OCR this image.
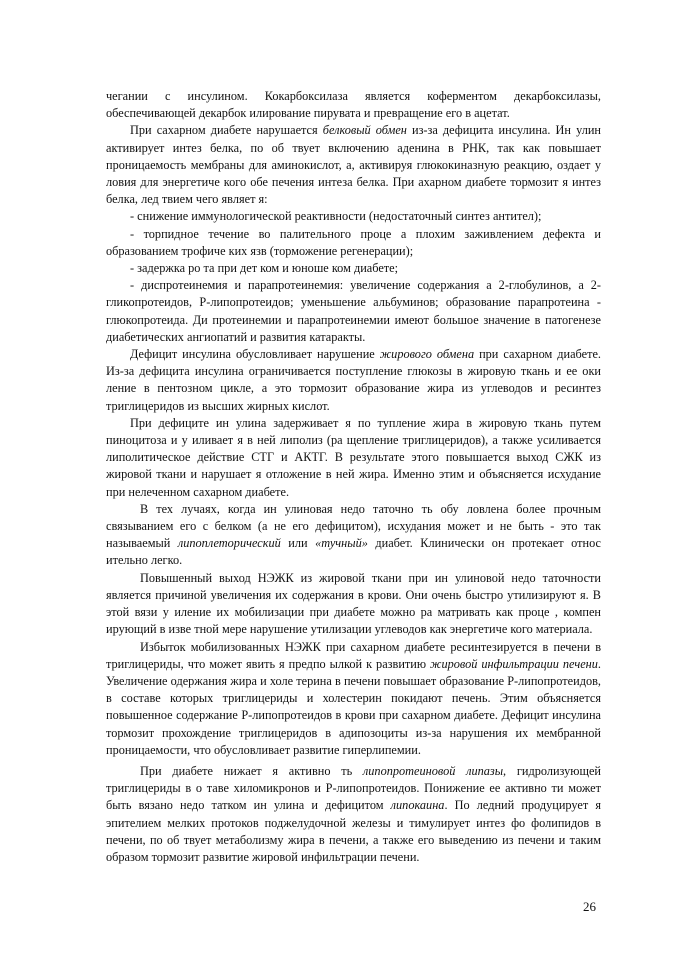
чегании с инсулином. Кокарбоксилаза является коферментом декарбоксилазы, обеспечивающей декарбок илирование пирувата и превращение его в ацетат.

При сахарном диабете нарушается белковый обмен из-за дефицита инсулина. Ин улин активирует интез белка, по об твует включению аденина в РНК, так как повышает проницаемость мембраны для аминокислот, а, активируя глюкокиназную реакцию, оздает у ловия для энергетиче кого обе печения интеза белка. При ахарном диабете тормозит я интез белка, лед твием чего являет я:

- снижение иммунологической реактивности (недостаточный синтез антител);

- торпидное течение во палительного проце а плохим заживлением дефекта и образованием трофиче ких язв (торможение регенерации);

- задержка ро та при дет ком и юноше ком диабете;

- диспротеинемия и парапротеинемия: увеличение содержания а 2-глобулинов, а 2-гликопротеидов, Р-липопротеидов; уменьшение альбуминов; образование парапротеина - глюкопротеида. Ди протеинемии и парапротеинемии имеют большое значение в патогенезе диабетических ангиопатий и развития катаракты.

Дефицит инсулина обусловливает нарушение жирового обмена при сахарном диабете. Из-за дефицита инсулина ограничивается поступление глюкозы в жировую ткань и ее оки ление в пентозном цикле, а это тормозит образование жира из углеводов и ресинтез триглицеридов из высших жирных кислот.

При дефиците ин улина задерживает я по тупление жира в жировую ткань путем пиноцитоза и у иливает я в ней липолиз (ра щепление триглицеридов), а также усиливается липолитическое действие СТГ и АКТГ. В результате этого повышается выход СЖК из жировой ткани и нарушает я отложение в ней жира. Именно этим и объясняется исхудание при нелеченном сахарном диабете.

В тех лучаях, когда ин улиновая недо таточно ть обу ловлена более прочным связыванием его с белком (а не его дефицитом), исхудания может и не быть - это так называемый липоплеторический или «тучный» диабет. Клинически он протекает относ ительно легко.

Повышенный выход НЭЖК из жировой ткани при ин улиновой недо таточности является причиной увеличения их содержания в крови. Они очень быстро утилизируют я. В этой вязи у иление их мобилизации при диабете можно ра матривать как проце , компен ирующий в изве тной мере нарушение утилизации углеводов как энергетиче кого материала.

Избыток мобилизованных НЭЖК при сахарном диабете ресинтезируется в печени в триглицериды, что может явить я предпо ылкой к развитию жировой инфильтрации печени. Увеличение одержания жира и холе терина в печени повышает образование Р-липопротеидов, в составе которых триглицериды и холестерин покидают печень. Этим объясняется повышенное содержание Р-липопротеидов в крови при сахарном диабете. Дефицит инсулина тормозит прохождение триглицеридов в адипозоциты из-за нарушения их мембранной проницаемости, что обусловливает развитие гиперлипемии.

При диабете нижает я активно ть липопротеиновой липазы, гидролизующей триглицериды в о таве хиломикронов и Р-липопротеидов. Понижение ее активно ти может быть вязано недо татком ин улина и дефицитом липокаина. По ледний продуцирует я эпителием мелких протоков поджелудочной железы и тимулирует интез фо фолипидов в печени, по об твует метаболизму жира в печени, а также его выведению из печени и таким образом тормозит развитие жировой инфильтрации печени.

26
